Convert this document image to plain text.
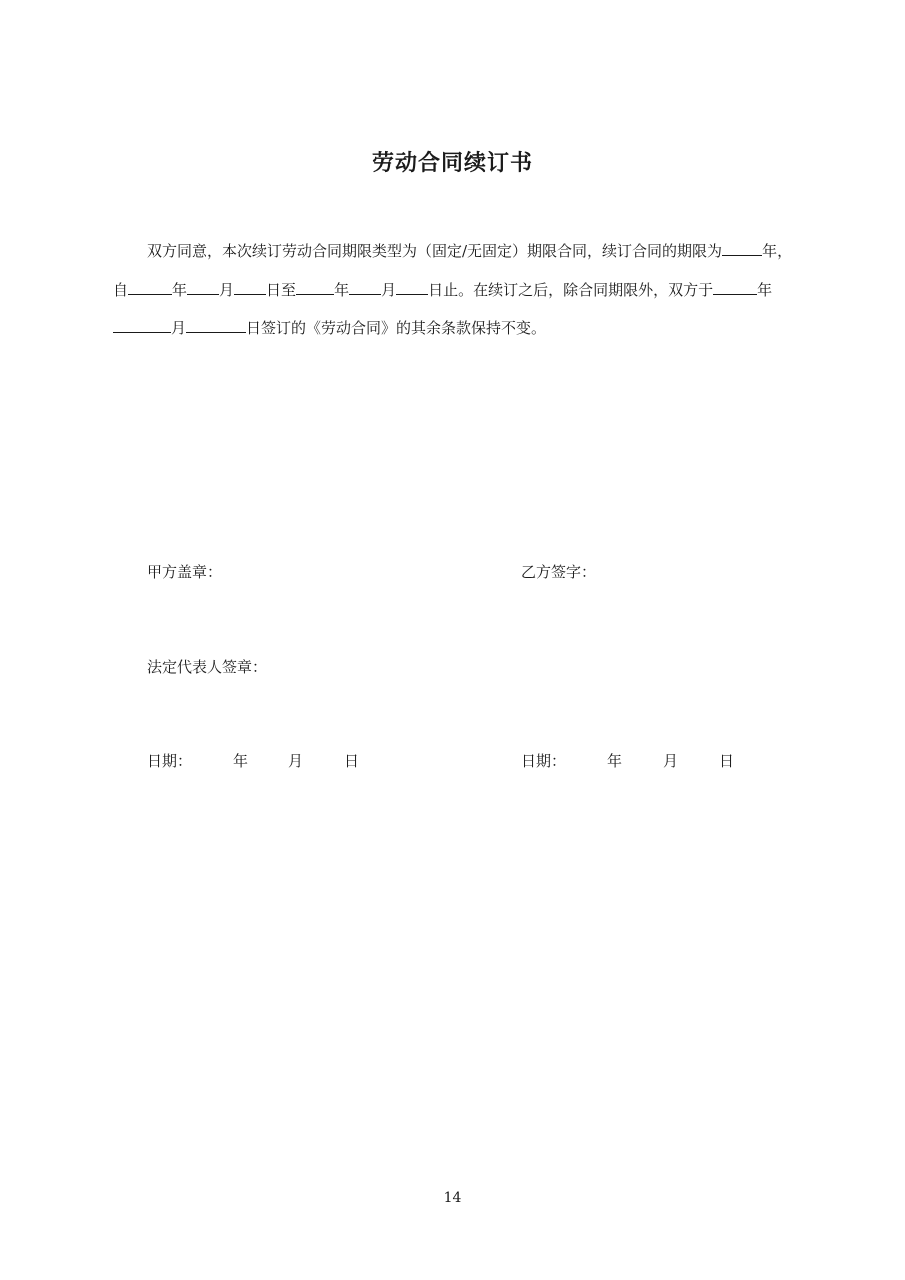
劳动合同续订书
双方同意，本次续订劳动合同期限类型为（固定/无固定）期限合同，续订合同的期限为	年，
自	年 月 日至	年 月 日止。在续订之后，除合同期限外，双方于	年
月	日签订的《劳动合同》的其余条款保持不变。
甲方盖章：	乙方签字：
法定代表人签章：
日期：	年	月	日	日期：	年	月	日
14
